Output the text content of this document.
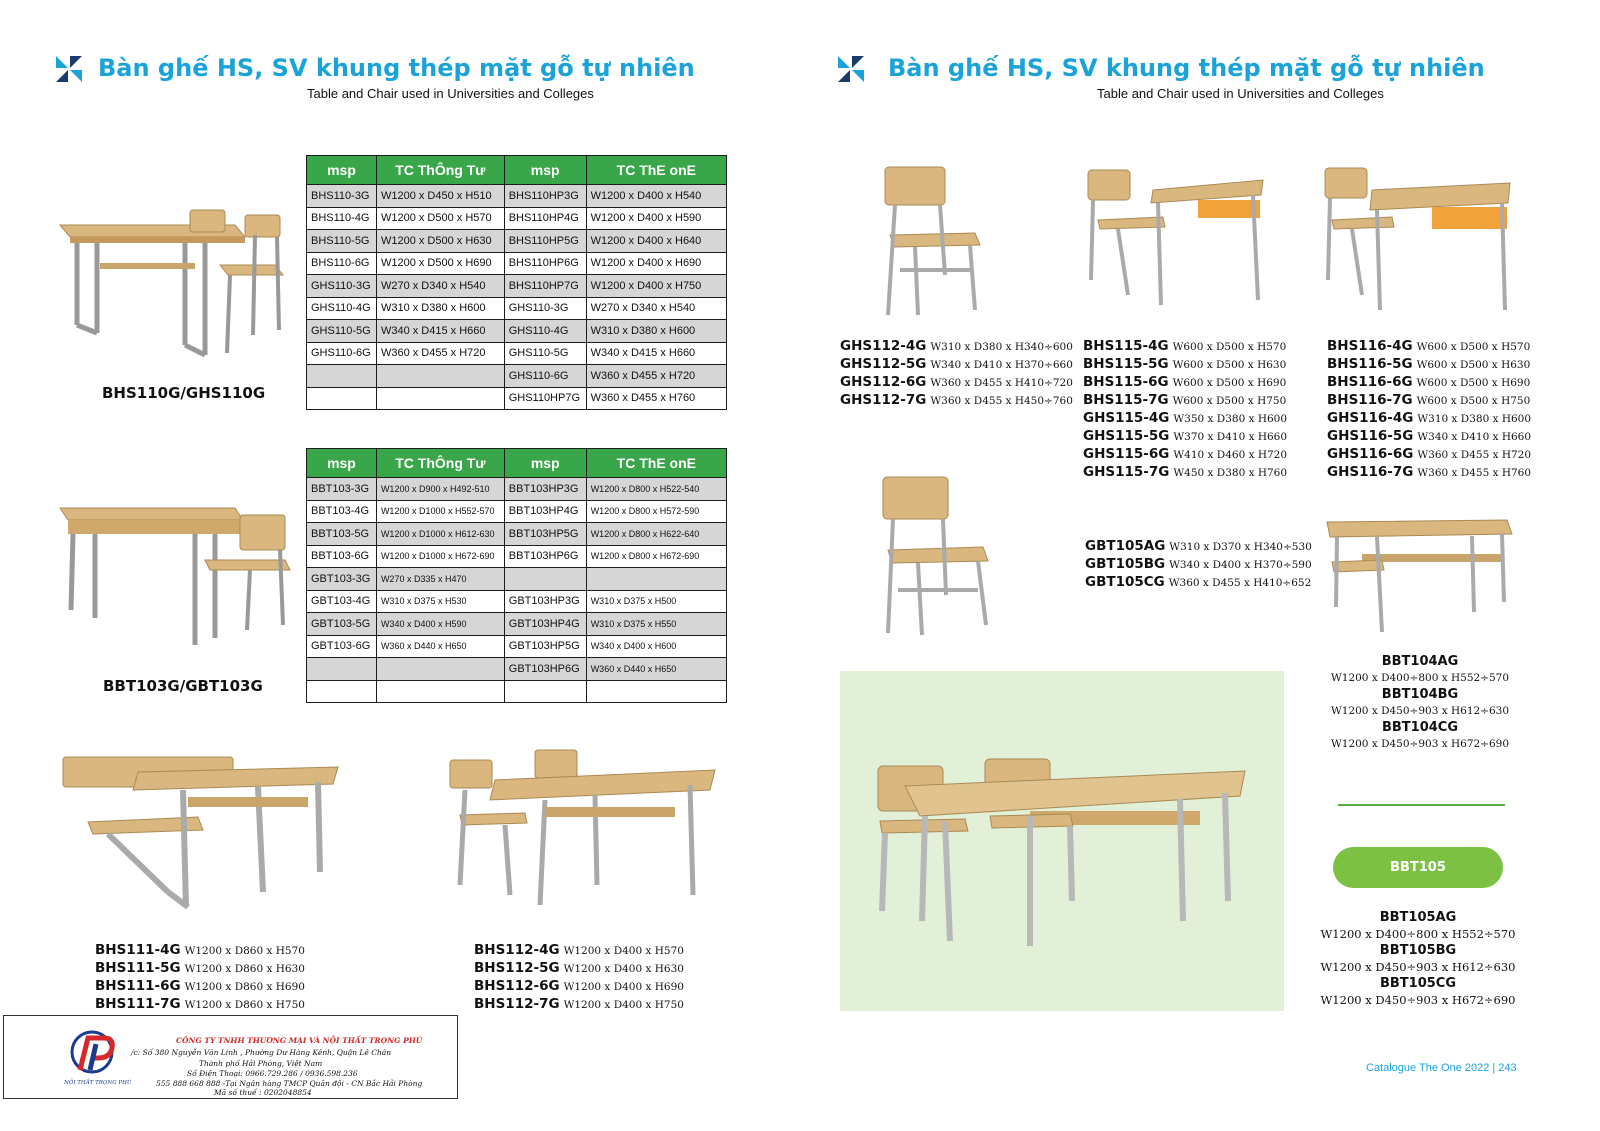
Bàn ghế HS, SV khung thép mặt gỗ tự nhiên
Table and Chair used in Universities and Colleges
Bàn ghế HS, SV khung thép mặt gỗ tự nhiên
Table and Chair used in Universities and Colleges
BHS110G/GHS110G
BBT103G/GBT103G
BHS111-4G W1200 x D860 x H570
BHS111-5G W1200 x D860 x H630
BHS111-6G W1200 x D860 x H690
BHS111-7G W1200 x D860 x H750
BHS112-4G W1200 x D400 x H570
BHS112-5G W1200 x D400 x H630
BHS112-6G W1200 x D400 x H690
BHS112-7G W1200 x D400 x H750
msp	TC ThÔng Tư	msp	TC ThE onE
BHS110-3G	W1200 x D450 x H510	BHS110HP3G	W1200 x D400 x H540
BHS110-4G	W1200 x D500 x H570	BHS110HP4G	W1200 x D400 x H590
BHS110-5G	W1200 x D500 x H630	BHS110HP5G	W1200 x D400 x H640
BHS110-6G	W1200 x D500 x H690	BHS110HP6G	W1200 x D400 x H690
GHS110-3G	W270 x D340 x H540	BHS110HP7G	W1200 x D400 x H750
GHS110-4G	W310 x D380 x H600	GHS110-3G	W270 x D340 x H540
GHS110-5G	W340 x D415 x H660	GHS110-4G	W310 x D380 x H600
GHS110-6G	W360 x D455 x H720	GHS110-5G	W340 x D415 x H660
		GHS110-6G	W360 x D455 x H720
		GHS110HP7G	W360 x D455 x H760
msp	TC ThÔng Tư	msp	TC ThE onE
BBT103-3G	W1200 x D900 x H492-510	BBT103HP3G	W1200 x D800 x H522-540
BBT103-4G	W1200 x D1000 x H552-570	BBT103HP4G	W1200 x D800 x H572-590
BBT103-5G	W1200 x D1000 x H612-630	BBT103HP5G	W1200 x D800 x H622-640
BBT103-6G	W1200 x D1000 x H672-690	BBT103HP6G	W1200 x D800 x H672-690
GBT103-3G	W270 x D335 x H470		
GBT103-4G	W310 x D375 x H530	GBT103HP3G	W310 x D375 x H500
GBT103-5G	W340 x D400 x H590	GBT103HP4G	W310 x D375 x H550
GBT103-6G	W360 x D440 x H650	GBT103HP5G	W340 x D400 x H600
		GBT103HP6G	W360 x D440 x H650

NỘI THẤT TRỌNG PHÚ
CÔNG TY TNHH THƯƠNG MẠI VÀ NỘI THẤT TRỌNG PHÚ
/c: Số 380 Nguyễn Văn Linh , Phường Dư Hàng Kênh, Quận Lê Chân
Thành phố Hải Phòng, Việt Nam
Số Điện Thoại: 0966.729.286 / 0936.598.236
555 888 668 888 -Tại Ngân hàng TMCP Quân đội - CN Bắc Hải Phòng
Mã số thuế : 0202048854
GHS112-4G W310 x D380 x H340÷600
GHS112-5G W340 x D410 x H370÷660
GHS112-6G W360 x D455 x H410÷720
GHS112-7G W360 x D455 x H450÷760
BHS115-4G W600 x D500 x H570
BHS115-5G W600 x D500 x H630
BHS115-6G W600 x D500 x H690
BHS115-7G W600 x D500 x H750
GHS115-4G W350 x D380 x H600
GHS115-5G W370 x D410 x H660
GHS115-6G W410 x D460 x H720
GHS115-7G W450 x D380 x H760
BHS116-4G W600 x D500 x H570
BHS116-5G W600 x D500 x H630
BHS116-6G W600 x D500 x H690
BHS116-7G W600 x D500 x H750
GHS116-4G W310 x D380 x H600
GHS116-5G W340 x D410 x H660
GHS116-6G W360 x D455 x H720
GHS116-7G W360 x D455 x H760
GBT105AG W310 x D370 x H340÷530
GBT105BG W340 x D400 x H370÷590
GBT105CG W360 x D455 x H410÷652
BBT104AG
W1200 x D400÷800 x H552÷570
BBT104BG
W1200 x D450÷903 x H612÷630
BBT104CG
W1200 x D450÷903 x H672÷690
BBT105
BBT105AG
W1200 x D400÷800 x H552÷570
BBT105BG
W1200 x D450÷903 x H612÷630
BBT105CG
W1200 x D450÷903 x H672÷690
Catalogue The One 2022 | 243
